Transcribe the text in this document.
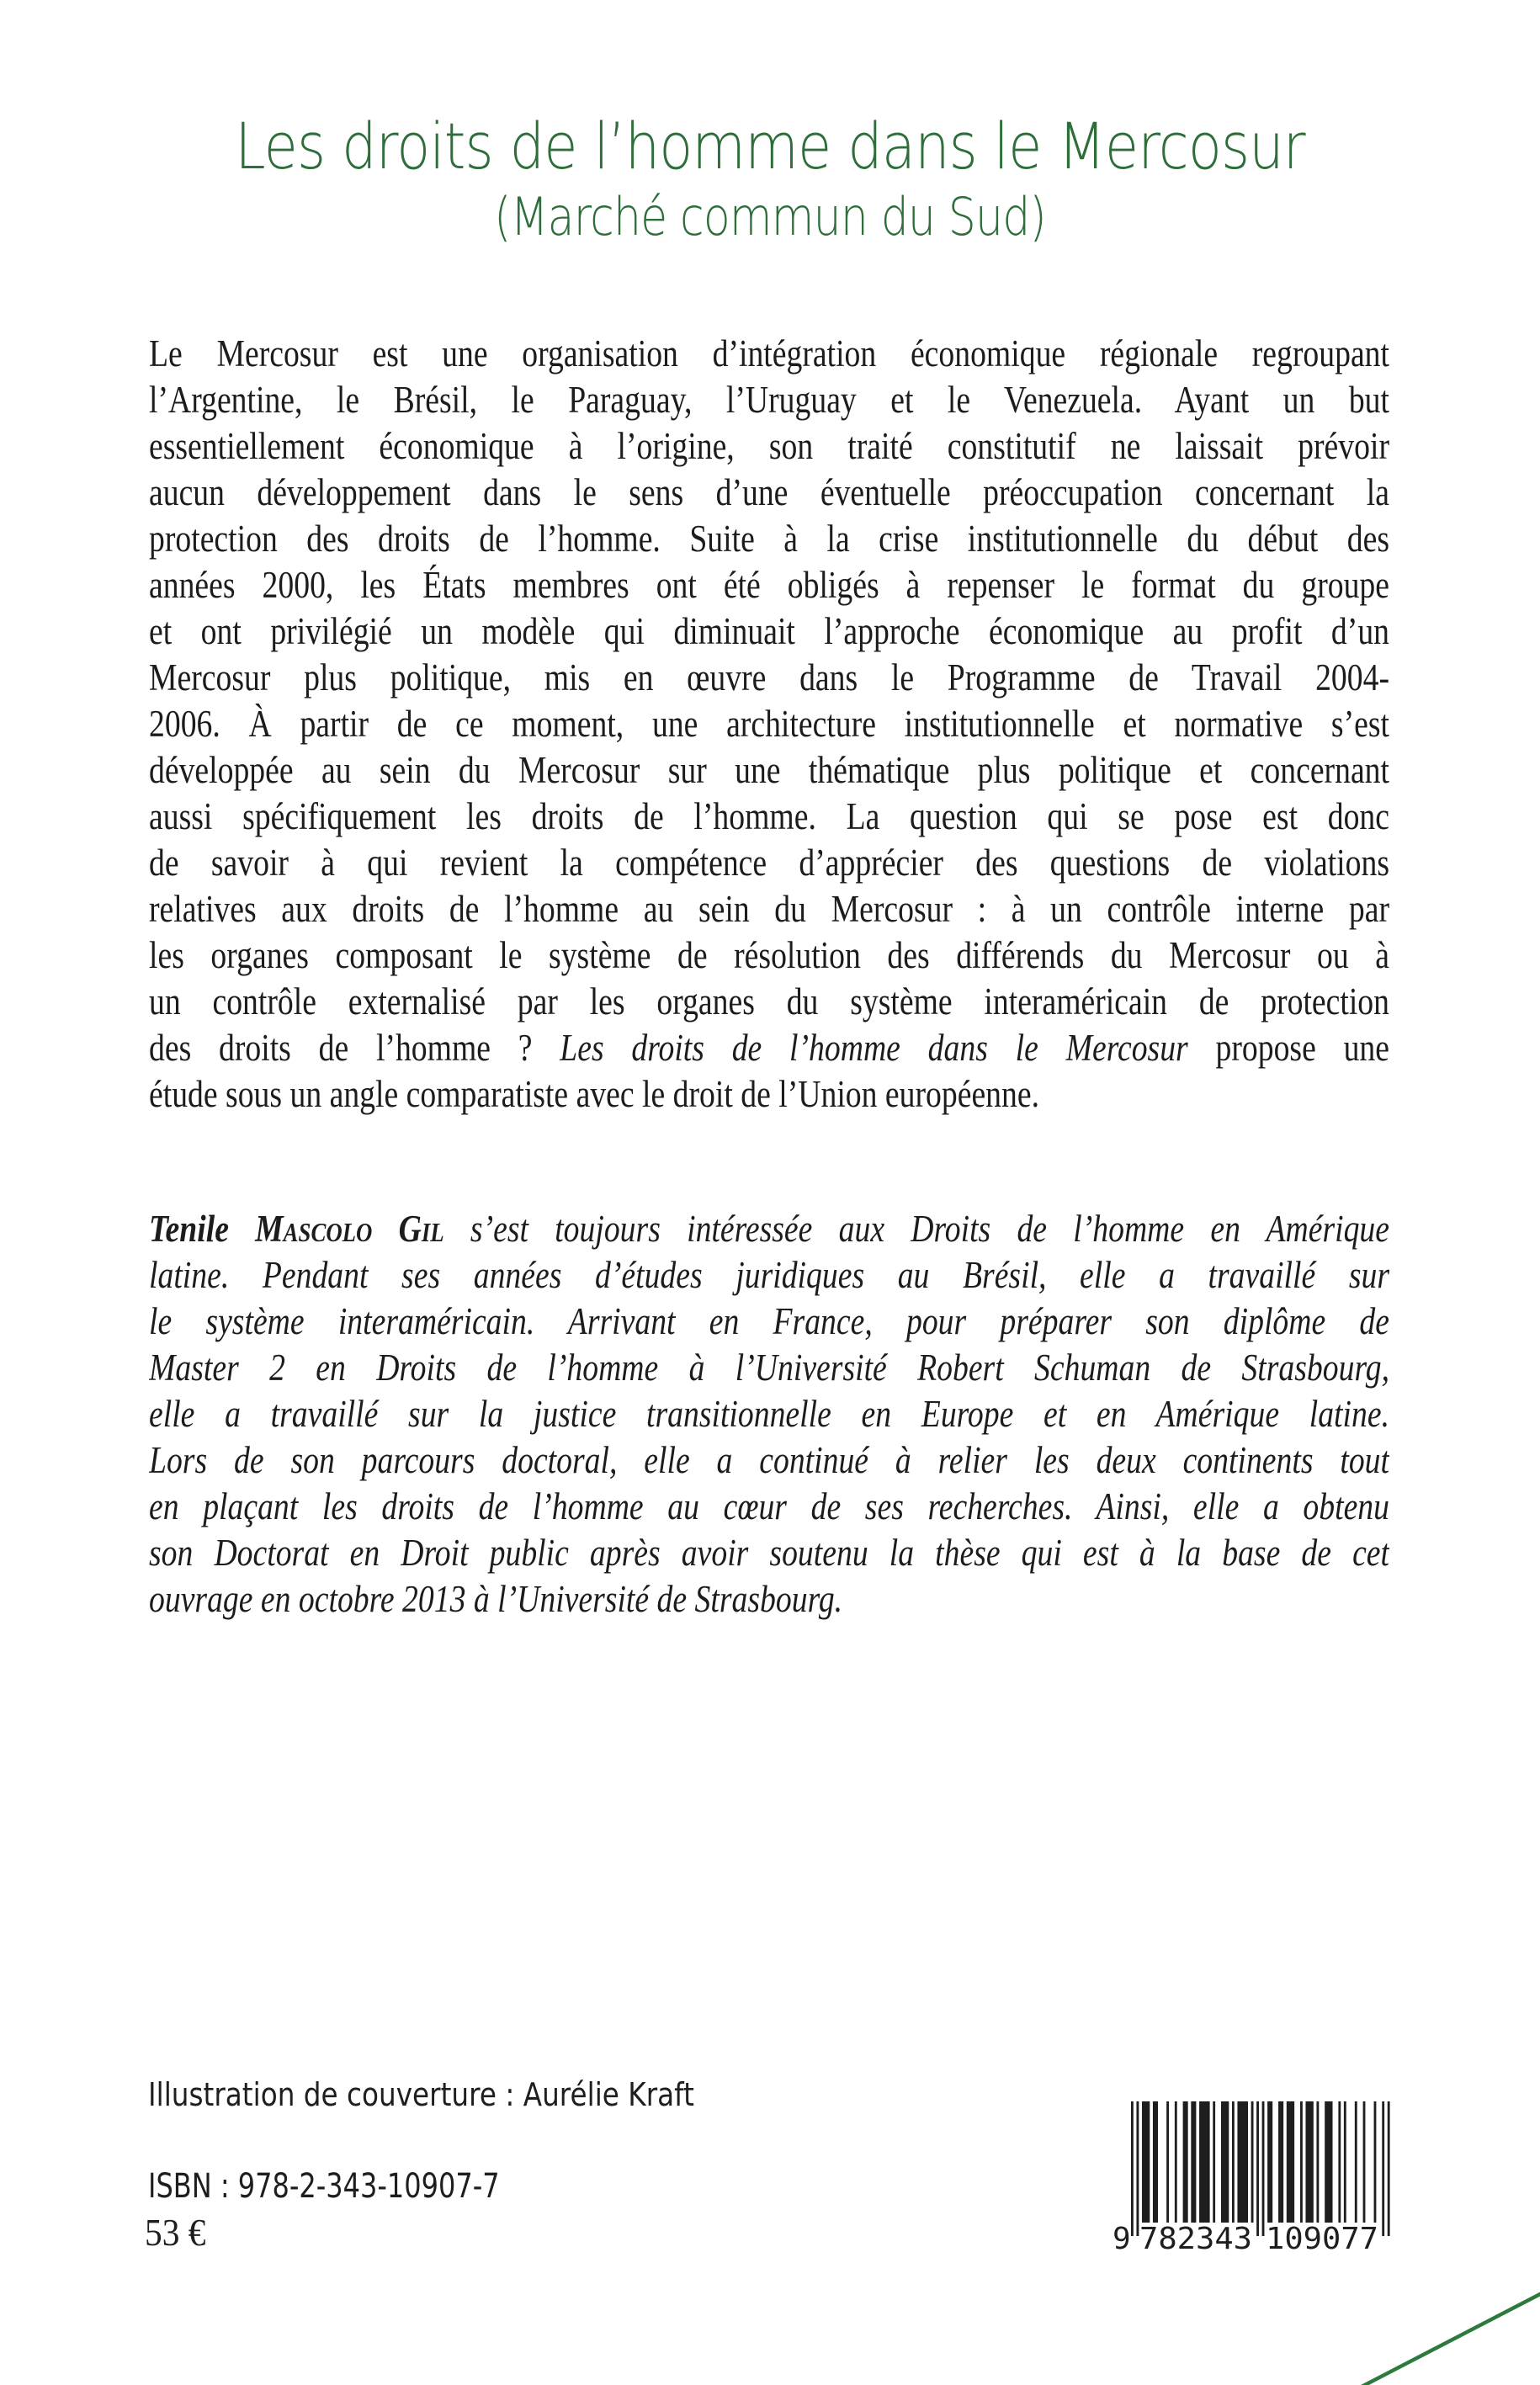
Les droits de l’homme dans le Mercosur
(Marché commun du Sud)
Le Mercosur est une organisation d’intégration économique régionale regroupant
l’Argentine, le Brésil, le Paraguay, l’Uruguay et le Venezuela. Ayant un but
essentiellement économique à l’origine, son traité constitutif ne laissait prévoir
aucun développement dans le sens d’une éventuelle préoccupation concernant la
protection des droits de l’homme. Suite à la crise institutionnelle du début des
années 2000, les États membres ont été obligés à repenser le format du groupe
et ont privilégié un modèle qui diminuait l’approche économique au profit d’un
Mercosur plus politique, mis en œuvre dans le Programme de Travail 2004-
2006. À partir de ce moment, une architecture institutionnelle et normative s’est
développée au sein du Mercosur sur une thématique plus politique et concernant
aussi spécifiquement les droits de l’homme. La question qui se pose est donc
de savoir à qui revient la compétence d’apprécier des questions de violations
relatives aux droits de l’homme au sein du Mercosur : à un contrôle interne par
les organes composant le système de résolution des différends du Mercosur ou à
un contrôle externalisé par les organes du système interaméricain de protection
des droits de l’homme ? Les droits de l’homme dans le Mercosur propose une
étude sous un angle comparatiste avec le droit de l’Union européenne.
Tenile Mascolo Gil s’est toujours intéressée aux Droits de l’homme en Amérique
latine. Pendant ses années d’études juridiques au Brésil, elle a travaillé sur
le système interaméricain. Arrivant en France, pour préparer son diplôme de
Master 2 en Droits de l’homme à l’Université Robert Schuman de Strasbourg,
elle a travaillé sur la justice transitionnelle en Europe et en Amérique latine.
Lors de son parcours doctoral, elle a continué à relier les deux continents tout
en plaçant les droits de l’homme au cœur de ses recherches. Ainsi, elle a obtenu
son Doctorat en Droit public après avoir soutenu la thèse qui est à la base de cet
ouvrage en octobre 2013 à l’Université de Strasbourg.
Illustration de couverture : Aurélie Kraft
ISBN : 978-2-343-10907-7
53 €	9 782343 109077
